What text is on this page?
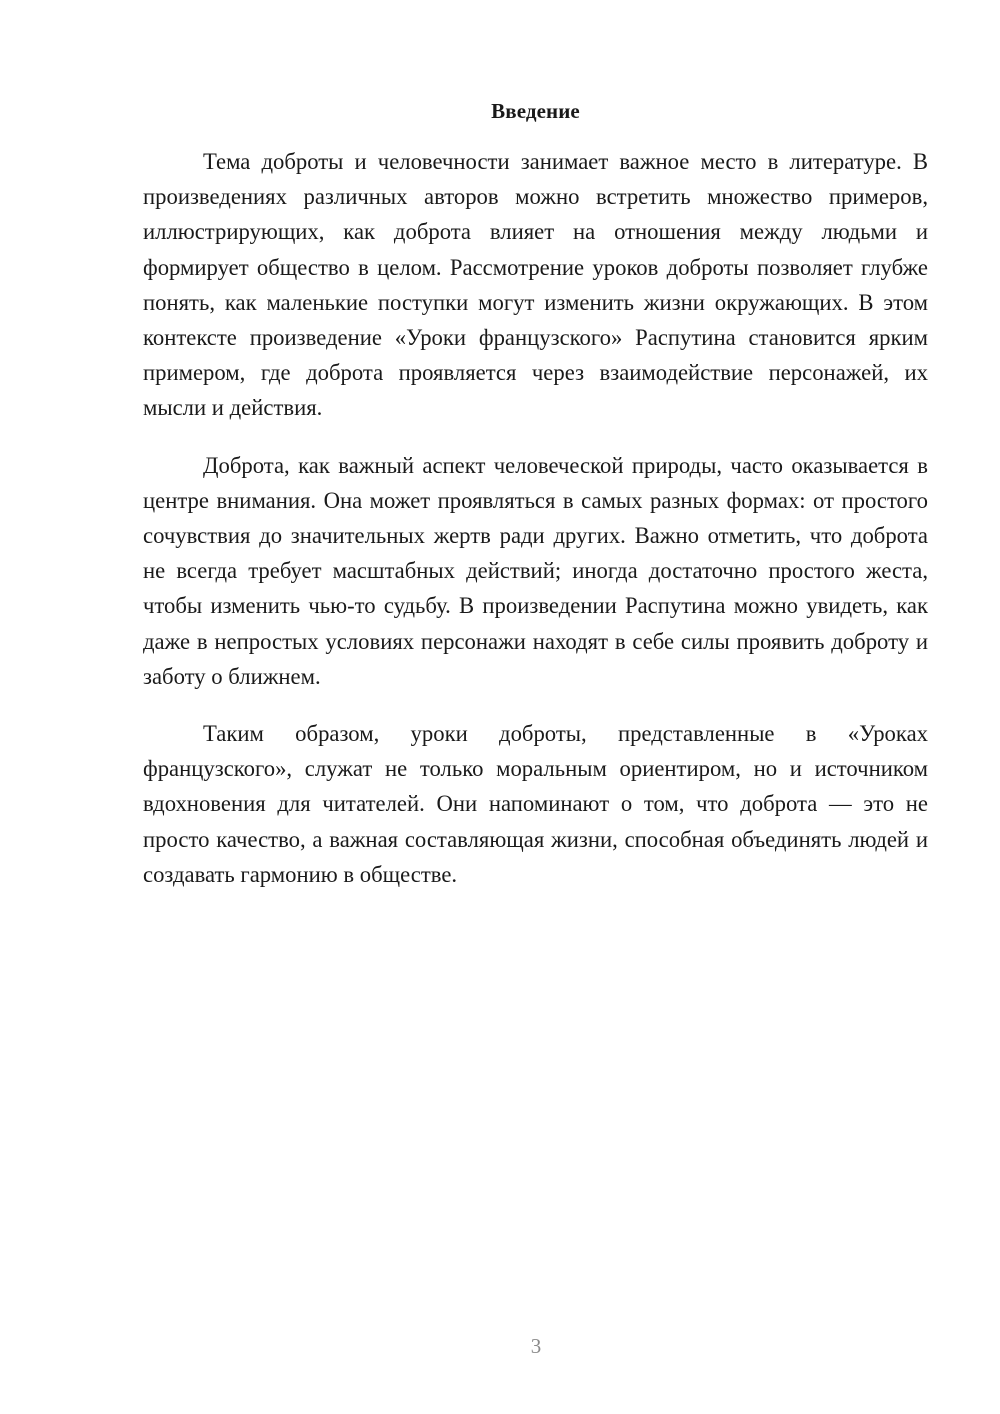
Введение

Тема доброты и человечности занимает важное место в литературе. В произведениях различных авторов можно встретить множество примеров, иллюстрирующих, как доброта влияет на отношения между людьми и формирует общество в целом. Рассмотрение уроков доброты позволяет глубже понять, как маленькие поступки могут изменить жизни окружающих. В этом контексте произведение «Уроки французского» Распутина становится ярким примером, где доброта проявляется через взаимодействие персонажей, их мысли и действия.

Доброта, как важный аспект человеческой природы, часто оказывается в центре внимания. Она может проявляться в самых разных формах: от простого сочувствия до значительных жертв ради других. Важно отметить, что доброта не всегда требует масштабных действий; иногда достаточно простого жеста, чтобы изменить чью-то судьбу. В произведении Распутина можно увидеть, как даже в непростых условиях персонажи находят в себе силы проявить доброту и заботу о ближнем.

Таким образом, уроки доброты, представленные в «Уроках французского», служат не только моральным ориентиром, но и источником вдохновения для читателей. Они напоминают о том, что доброта — это не просто качество, а важная составляющая жизни, способная объединять людей и создавать гармонию в обществе.

3
